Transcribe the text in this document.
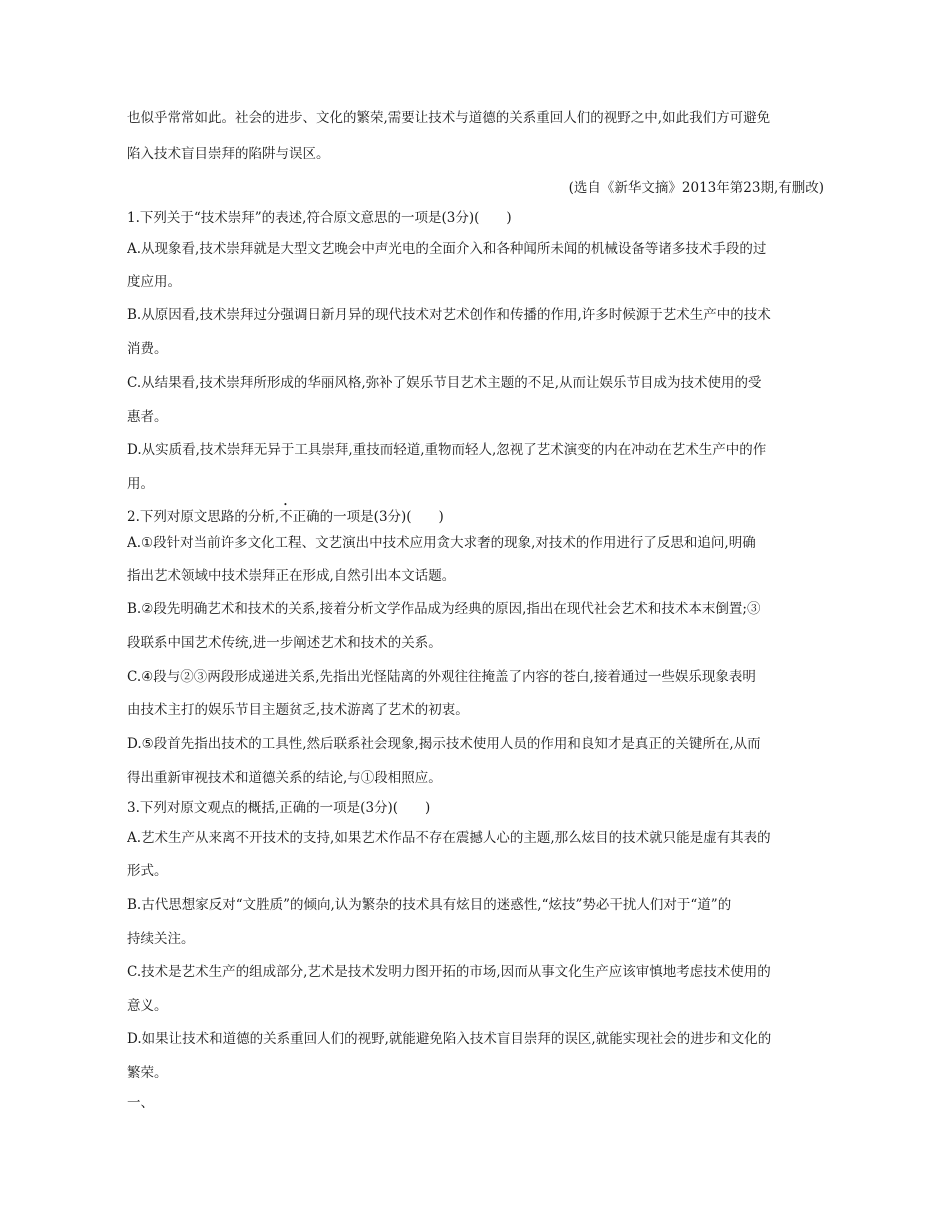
也似乎常常如此。社会的进步、文化的繁荣,需要让技术与道德的关系重回人们的视野之中,如此我们方可避免
陷入技术盲目崇拜的陷阱与误区。
(选自《新华文摘》2013年第23期,有删改)
1.下列关于“技术崇拜”的表述,符合原文意思的一项是(3分)(　　)
A.从现象看,技术崇拜就是大型文艺晚会中声光电的全面介入和各种闻所未闻的机械设备等诸多技术手段的过
度应用。
B.从原因看,技术崇拜过分强调日新月异的现代技术对艺术创作和传播的作用,许多时候源于艺术生产中的技术
消费。
C.从结果看,技术崇拜所形成的华丽风格,弥补了娱乐节目艺术主题的不足,从而让娱乐节目成为技术使用的受
惠者。
D.从实质看,技术崇拜无异于工具崇拜,重技而轻道,重物而轻人,忽视了艺术演变的内在冲动在艺术生产中的作
用。
2.下列对原文思路的分析,不正确的一项是(3分)(　　)
A.①段针对当前许多文化工程、文艺演出中技术应用贪大求奢的现象,对技术的作用进行了反思和追问,明确
指出艺术领域中技术崇拜正在形成,自然引出本文话题。
B.②段先明确艺术和技术的关系,接着分析文学作品成为经典的原因,指出在现代社会艺术和技术本末倒置;③
段联系中国艺术传统,进一步阐述艺术和技术的关系。
C.④段与②③两段形成递进关系,先指出光怪陆离的外观往往掩盖了内容的苍白,接着通过一些娱乐现象表明
由技术主打的娱乐节目主题贫乏,技术游离了艺术的初衷。
D.⑤段首先指出技术的工具性,然后联系社会现象,揭示技术使用人员的作用和良知才是真正的关键所在,从而
得出重新审视技术和道德关系的结论,与①段相照应。
3.下列对原文观点的概括,正确的一项是(3分)(　　)
A.艺术生产从来离不开技术的支持,如果艺术作品不存在震撼人心的主题,那么炫目的技术就只能是虚有其表的
形式。
B.古代思想家反对“文胜质”的倾向,认为繁杂的技术具有炫目的迷惑性,“炫技”势必干扰人们对于“道”的
持续关注。
C.技术是艺术生产的组成部分,艺术是技术发明力图开拓的市场,因而从事文化生产应该审慎地考虑技术使用的
意义。
D.如果让技术和道德的关系重回人们的视野,就能避免陷入技术盲目崇拜的误区,就能实现社会的进步和文化的
繁荣。
一、
